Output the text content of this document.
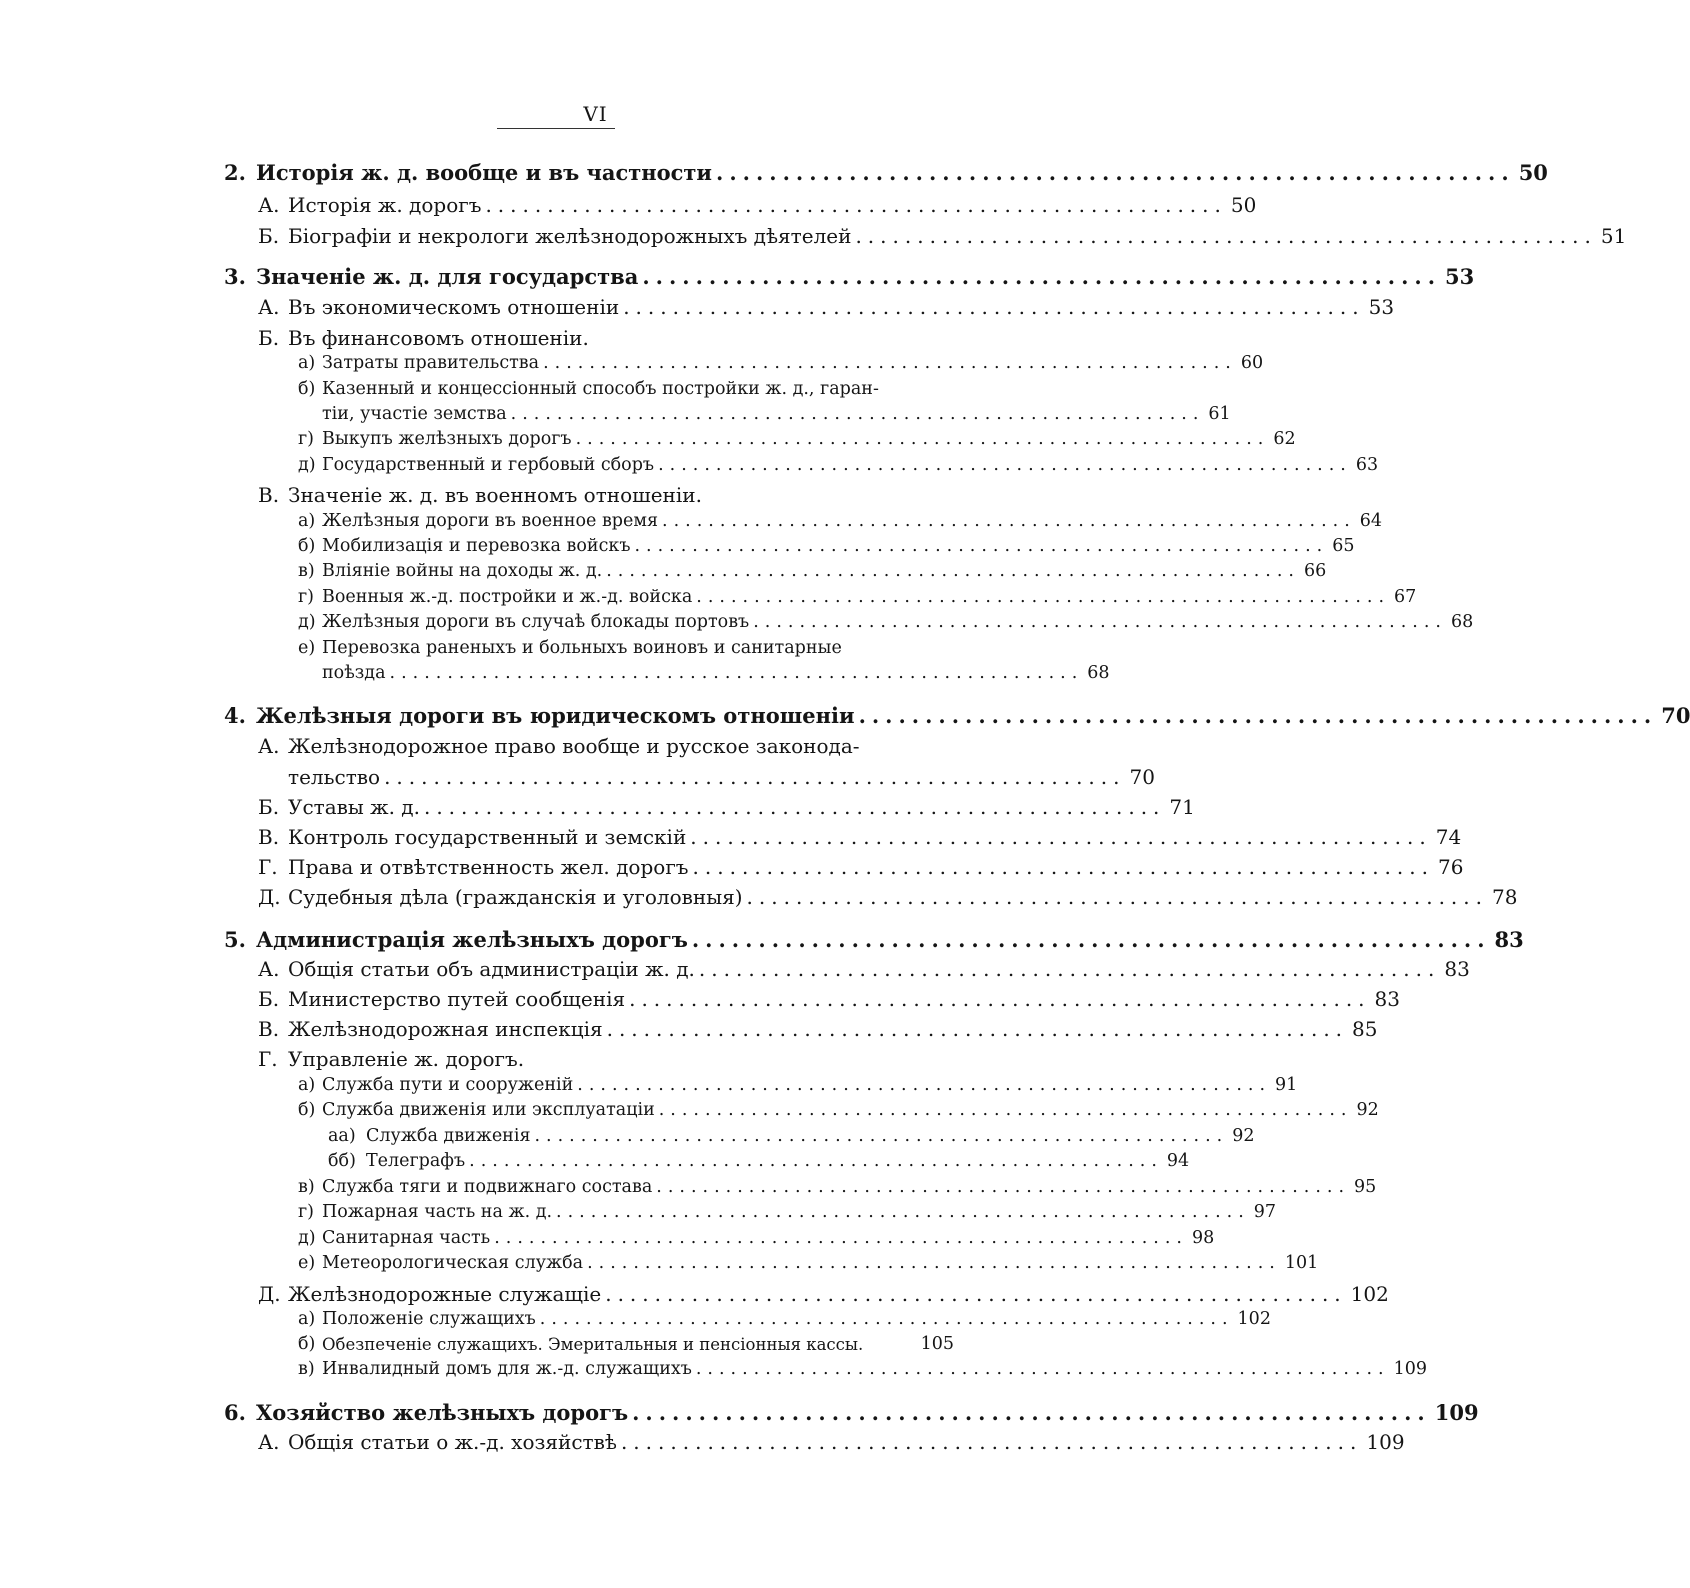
VI
2. Исторiя ж. д. вообще и въ частности ............................................................ 50
А. Исторiя ж. дорогъ ............................................................ 50
Б. Бiографiи и некрологи желѣзнодорожныхъ дѣятелей ............................................................ 51
3. Значенiе ж. д. для государства ............................................................ 53
А. Въ экономическомъ отношенiи ............................................................ 53
Б. Въ финансовомъ отношенiи.
а) Затраты правительства ............................................................ 60
б) Казенный и концессiонный способъ постройки ж. д., гаран-
тiи, участiе земства ............................................................ 61
г) Выкупъ желѣзныхъ дорогъ ............................................................ 62
д) Государственный и гербовый сборъ ............................................................ 63
В. Значенiе ж. д. въ военномъ отношенiи.
а) Желѣзныя дороги въ военное время ............................................................ 64
б) Мобилизацiя и перевозка войскъ ............................................................ 65
в) Влiянiе войны на доходы ж. д. ............................................................ 66
г) Военныя ж.-д. постройки и ж.-д. войска ............................................................ 67
д) Желѣзныя дороги въ случаѣ блокады портовъ ............................................................ 68
е) Перевозка раненыхъ и больныхъ воиновъ и санитарные
поѣзда ............................................................ 68
4. Желѣзныя дороги въ юридическомъ отношенiи ............................................................ 70
А. Желѣзнодорожное право вообще и русское законода-
тельство ............................................................ 70
Б. Уставы ж. д. ............................................................ 71
В. Контроль государственный и земскiй ............................................................ 74
Г. Права и отвѣтственность жел. дорогъ ............................................................ 76
Д. Судебныя дѣла (гражданскiя и уголовныя) ............................................................ 78
5. Администрацiя желѣзныхъ дорогъ ............................................................ 83
А. Общiя статьи объ администрацiи ж. д. ............................................................ 83
Б. Министерство путей сообщенiя ............................................................ 83
В. Желѣзнодорожная инспекцiя ............................................................ 85
Г. Управленiе ж. дорогъ.
а) Служба пути и сооруженiй ............................................................ 91
б) Служба движенiя или эксплуатацiи ............................................................ 92
аа) Служба движенiя ............................................................ 92
бб) Телеграфъ ............................................................ 94
в) Служба тяги и подвижнаго состава ............................................................ 95
г) Пожарная часть на ж. д. ............................................................ 97
д) Санитарная часть ............................................................ 98
е) Метеорологическая служба ............................................................ 101
Д. Желѣзнодорожные служащiе ............................................................ 102
а) Положенiе служащихъ ............................................................ 102
б) Обезпеченiе служащихъ. Эмеритальныя и пенсiонныя кассы.	105
в) Инвалидный домъ для ж.-д. служащихъ ............................................................ 109
6. Хозяйство желѣзныхъ дорогъ ............................................................ 109
А. Общiя статьи о ж.-д. хозяйствѣ ............................................................ 109
